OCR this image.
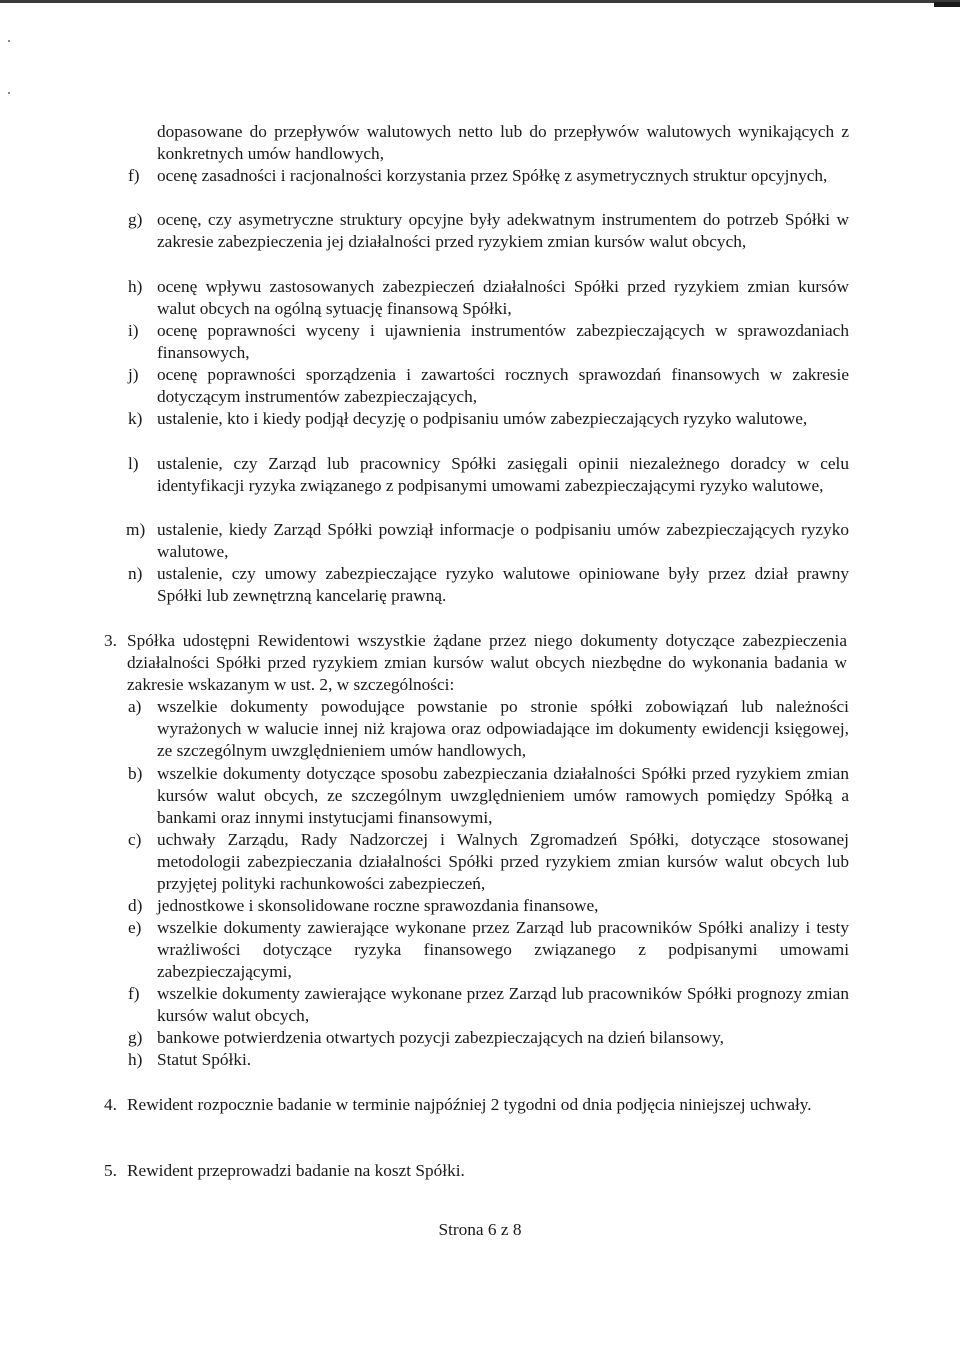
dopasowane do przepływów walutowych netto lub do przepływów walutowych wynikających z konkretnych umów handlowych,
f) ocenę zasadności i racjonalności korzystania przez Spółkę z asymetrycznych struktur opcyjnych,
g) ocenę, czy asymetryczne struktury opcyjne były adekwatnym instrumentem do potrzeb Spółki w zakresie zabezpieczenia jej działalności przed ryzykiem zmian kursów walut obcych,
h) ocenę wpływu zastosowanych zabezpieczeń działalności Spółki przed ryzykiem zmian kursów walut obcych na ogólną sytuację finansową Spółki,
i) ocenę poprawności wyceny i ujawnienia instrumentów zabezpieczających w sprawozdaniach finansowych,
j) ocenę poprawności sporządzenia i zawartości rocznych sprawozdań finansowych w zakresie dotyczącym instrumentów zabezpieczających,
k) ustalenie, kto i kiedy podjął decyzję o podpisaniu umów zabezpieczających ryzyko walutowe,
l) ustalenie, czy Zarząd lub pracownicy Spółki zasięgali opinii niezależnego doradcy w celu identyfikacji ryzyka związanego z podpisanymi umowami zabezpieczającymi ryzyko walutowe,
m) ustalenie, kiedy Zarząd Spółki powziął informacje o podpisaniu umów zabezpieczających ryzyko walutowe,
n) ustalenie, czy umowy zabezpieczające ryzyko walutowe opiniowane były przez dział prawny Spółki lub zewnętrzną kancelarię prawną.
3. Spółka udostępni Rewidentowi wszystkie żądane przez niego dokumenty dotyczące zabezpieczenia działalności Spółki przed ryzykiem zmian kursów walut obcych niezbędne do wykonania badania w zakresie wskazanym w ust. 2, w szczególności:
a) wszelkie dokumenty powodujące powstanie po stronie spółki zobowiązań lub należności wyrażonych w walucie innej niż krajowa oraz odpowiadające im dokumenty ewidencji księgowej, ze szczególnym uwzględnieniem umów handlowych,
b) wszelkie dokumenty dotyczące sposobu zabezpieczania działalności Spółki przed ryzykiem zmian kursów walut obcych, ze szczególnym uwzględnieniem umów ramowych pomiędzy Spółką a bankami oraz innymi instytucjami finansowymi,
c) uchwały Zarządu, Rady Nadzorczej i Walnych Zgromadzeń Spółki, dotyczące stosowanej metodologii zabezpieczania działalności Spółki przed ryzykiem zmian kursów walut obcych lub przyjętej polityki rachunkowości zabezpieczeń,
d) jednostkowe i skonsolidowane roczne sprawozdania finansowe,
e) wszelkie dokumenty zawierające wykonane przez Zarząd lub pracowników Spółki analizy i testy wrażliwości dotyczące ryzyka finansowego związanego z podpisanymi umowami zabezpieczającymi,
f) wszelkie dokumenty zawierające wykonane przez Zarząd lub pracowników Spółki prognozy zmian kursów walut obcych,
g) bankowe potwierdzenia otwartych pozycji zabezpieczających na dzień bilansowy,
h) Statut Spółki.
4. Rewident rozpocznie badanie w terminie najpóźniej 2 tygodni od dnia podjęcia niniejszej uchwały.
5. Rewident przeprowadzi badanie na koszt Spółki.
Strona 6 z 8
